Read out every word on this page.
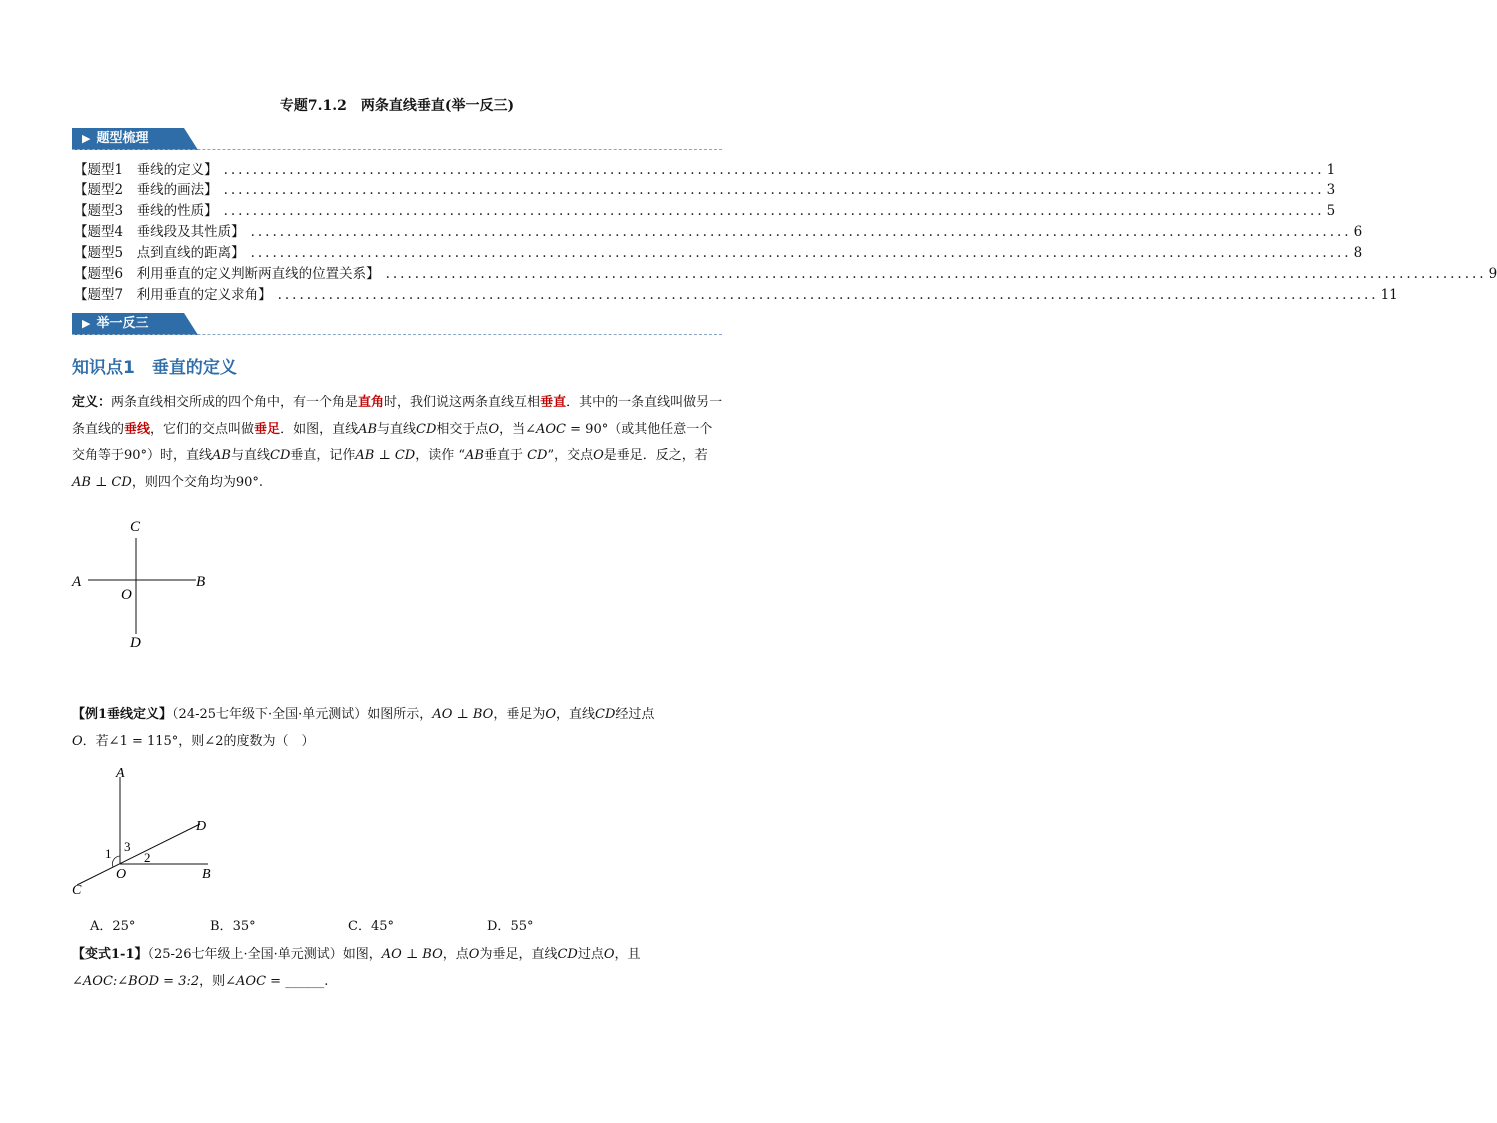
专题7.1.2　两条直线垂直(举一反三)
▶ 题型梳理
【题型1　垂线的定义】 ....................................................................................................................................................... 1
【题型2　垂线的画法】 ....................................................................................................................................................... 3
【题型3　垂线的性质】 ....................................................................................................................................................... 5
【题型4　垂线段及其性质】 ....................................................................................................................................................... 6
【题型5　点到直线的距离】 ....................................................................................................................................................... 8
【题型6　利用垂直的定义判断两直线的位置关系】 ....................................................................................................................................................... 9
【题型7　利用垂直的定义求角】 ....................................................................................................................................................... 11
▶ 举一反三
知识点1　垂直的定义
定义：两条直线相交所成的四个角中，有一个角是直角时，我们说这两条直线互相垂直．其中的一条直线叫做另一条直线的垂线，它们的交点叫做垂足．如图，直线AB与直线CD相交于点O，当∠AOC = 90°（或其他任意一个交角等于90°）时，直线AB与直线CD垂直，记作AB ⊥ CD，读作 “AB垂直于 CD”，交点O是垂足．反之，若AB ⊥ CD，则四个交角均为90°.
C
A
O
B
D
【例1垂线定义】（24-25七年级下·全国·单元测试）如图所示，AO ⊥ BO，垂足为O，直线CD经过点
O．若∠1 = 115°，则∠2的度数为（　）
A
D
1 3
2
O	B
C
A．25°	B．35°	C．45°	D．55°
【变式1-1】（25-26七年级上·全国·单元测试）如图，AO ⊥ BO，点O为垂足，直线CD过点O，且
∠AOC:∠BOD = 3:2，则∠AOC = ______.
